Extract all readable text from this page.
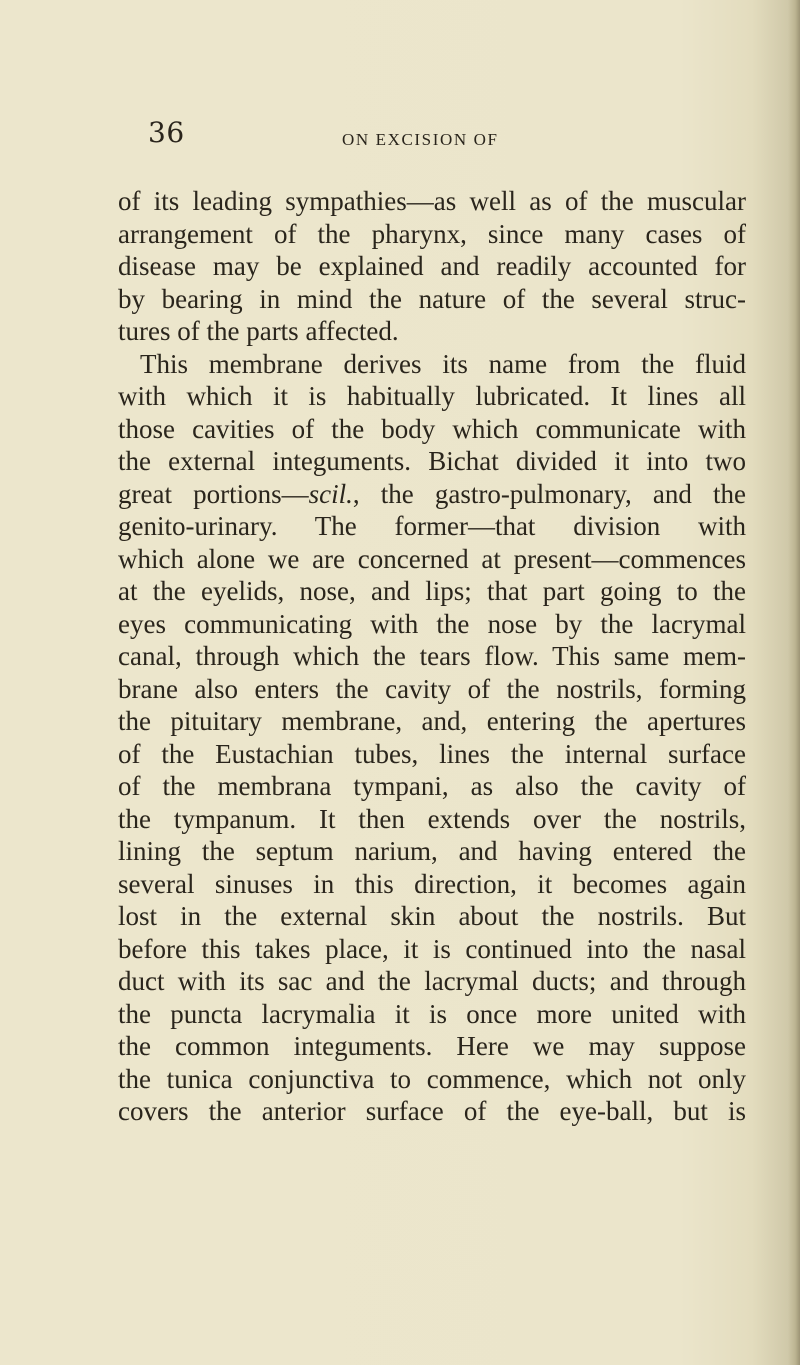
36	ON EXCISION OF
of its leading sympathies—as well as of the muscular
arrangement of the pharynx, since many cases of
disease may be explained and readily accounted for
by bearing in mind the nature of the several struc-
tures of the parts affected.
This membrane derives its name from the fluid
with which it is habitually lubricated. It lines all
those cavities of the body which communicate with
the external integuments. Bichat divided it into two
great portions—scil., the gastro-pulmonary, and the
genito-urinary. The former—that division with
which alone we are concerned at present—commences
at the eyelids, nose, and lips; that part going to the
eyes communicating with the nose by the lacrymal
canal, through which the tears flow. This same mem-
brane also enters the cavity of the nostrils, forming
the pituitary membrane, and, entering the apertures
of the Eustachian tubes, lines the internal surface
of the membrana tympani, as also the cavity of
the tympanum. It then extends over the nostrils,
lining the septum narium, and having entered the
several sinuses in this direction, it becomes again
lost in the external skin about the nostrils. But
before this takes place, it is continued into the nasal
duct with its sac and the lacrymal ducts; and through
the puncta lacrymalia it is once more united with
the common integuments. Here we may suppose
the tunica conjunctiva to commence, which not only
covers the anterior surface of the eye-ball, but is
